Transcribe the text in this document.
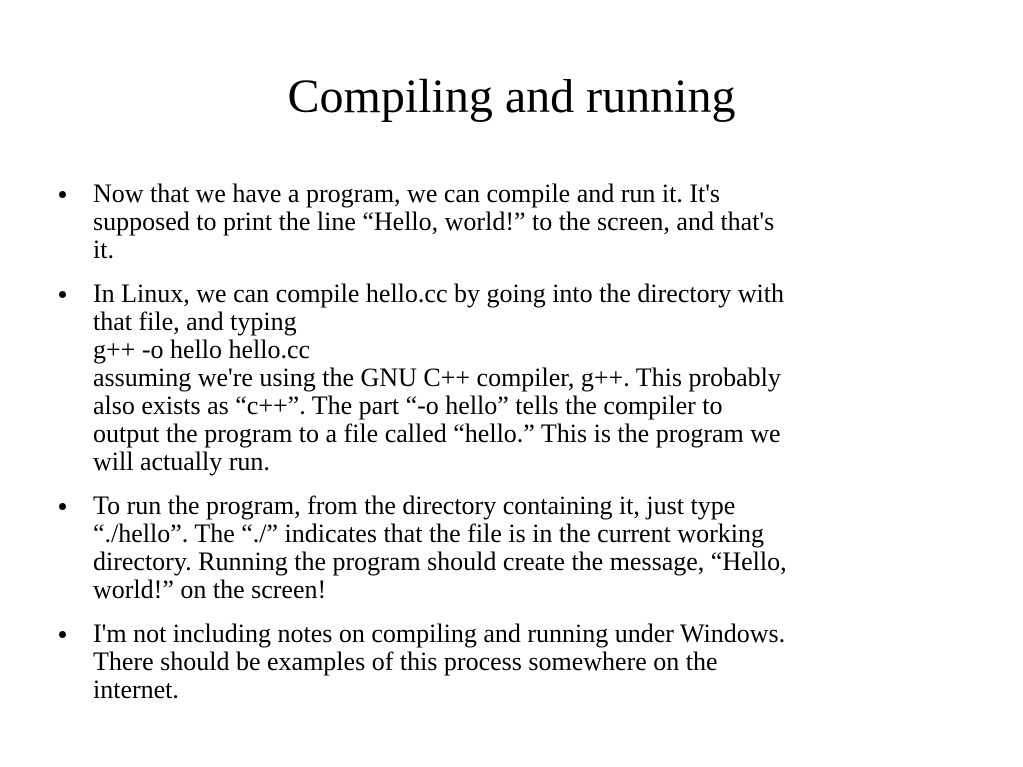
Compiling and running
Now that we have a program, we can compile and run it. It's
supposed to print the line “Hello, world!” to the screen, and that's
it.
In Linux, we can compile hello.cc by going into the directory with
that file, and typing
g++ -o hello hello.cc
assuming we're using the GNU C++ compiler, g++. This probably
also exists as “c++”. The part “-o hello” tells the compiler to
output the program to a file called “hello.” This is the program we
will actually run.
To run the program, from the directory containing it, just type
“./hello”. The “./” indicates that the file is in the current working
directory. Running the program should create the message, “Hello,
world!” on the screen!
I'm not including notes on compiling and running under Windows.
There should be examples of this process somewhere on the
internet.
